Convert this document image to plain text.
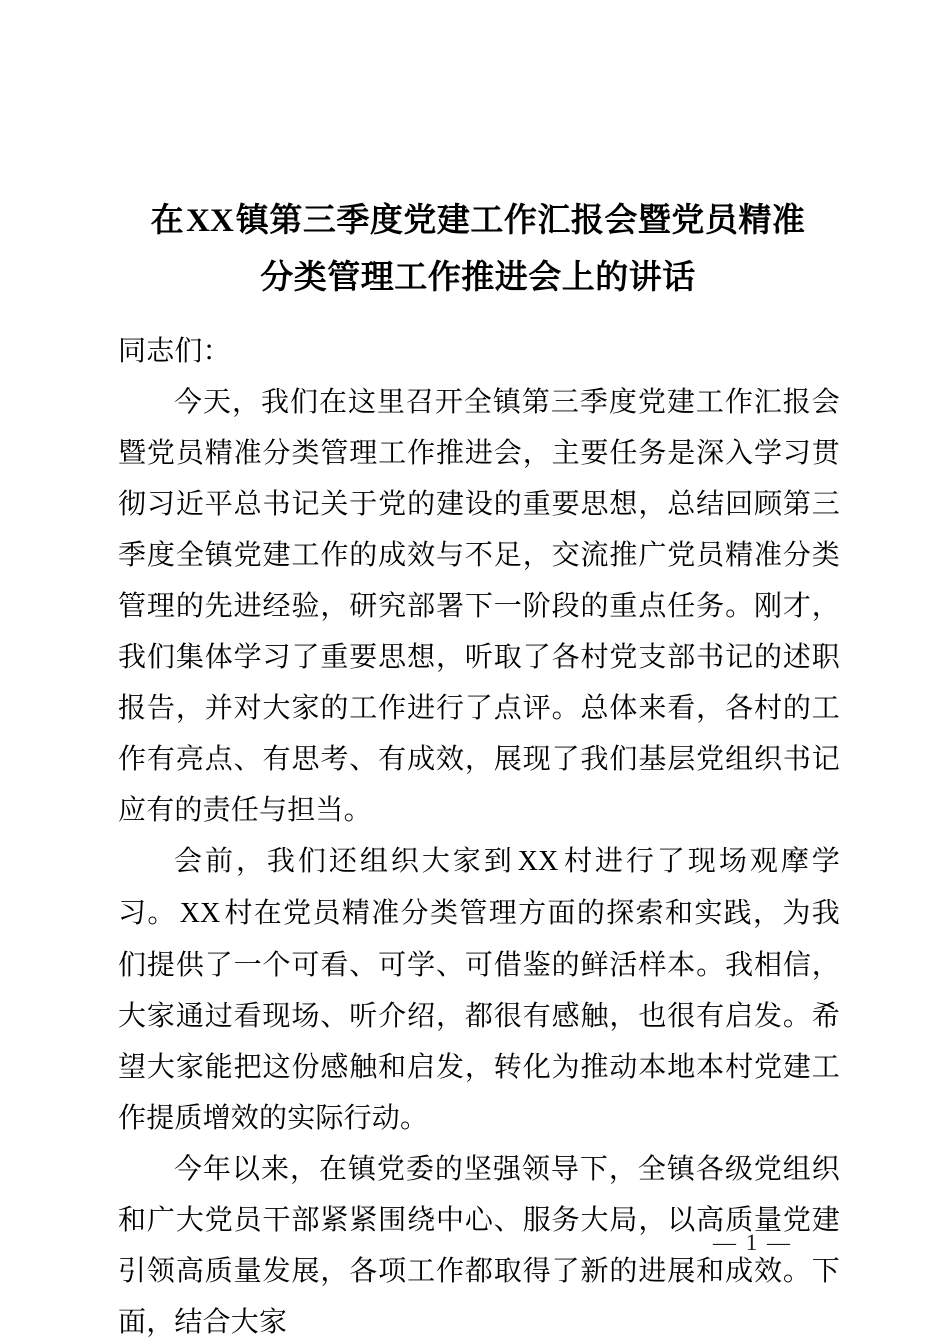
在XX镇第三季度党建工作汇报会暨党员精准
分类管理工作推进会上的讲话

同志们：

今天，我们在这里召开全镇第三季度党建工作汇报会暨党员精准分类管理工作推进会，主要任务是深入学习贯彻习近平总书记关于党的建设的重要思想，总结回顾第三季度全镇党建工作的成效与不足，交流推广党员精准分类管理的先进经验，研究部署下一阶段的重点任务。刚才，我们集体学习了重要思想，听取了各村党支部书记的述职报告，并对大家的工作进行了点评。总体来看，各村的工作有亮点、有思考、有成效，展现了我们基层党组织书记应有的责任与担当。

会前，我们还组织大家到 XX 村进行了现场观摩学习。 XX 村在党员精准分类管理方面的探索和实践，为我们提供了一个可看、可学、可借鉴的鲜活样本。我相信，大家通过看现场、听介绍，都很有感触，也很有启发。希望大家能把这份感触和启发，转化为推动本地本村党建工作提质增效的实际行动。

今年以来，在镇党委的坚强领导下，全镇各级党组织和广大党员干部紧紧围绕中心、服务大局，以高质量党建引领高质量发展，各项工作都取得了新的进展和成效。下面，结合大家

— 1 —
